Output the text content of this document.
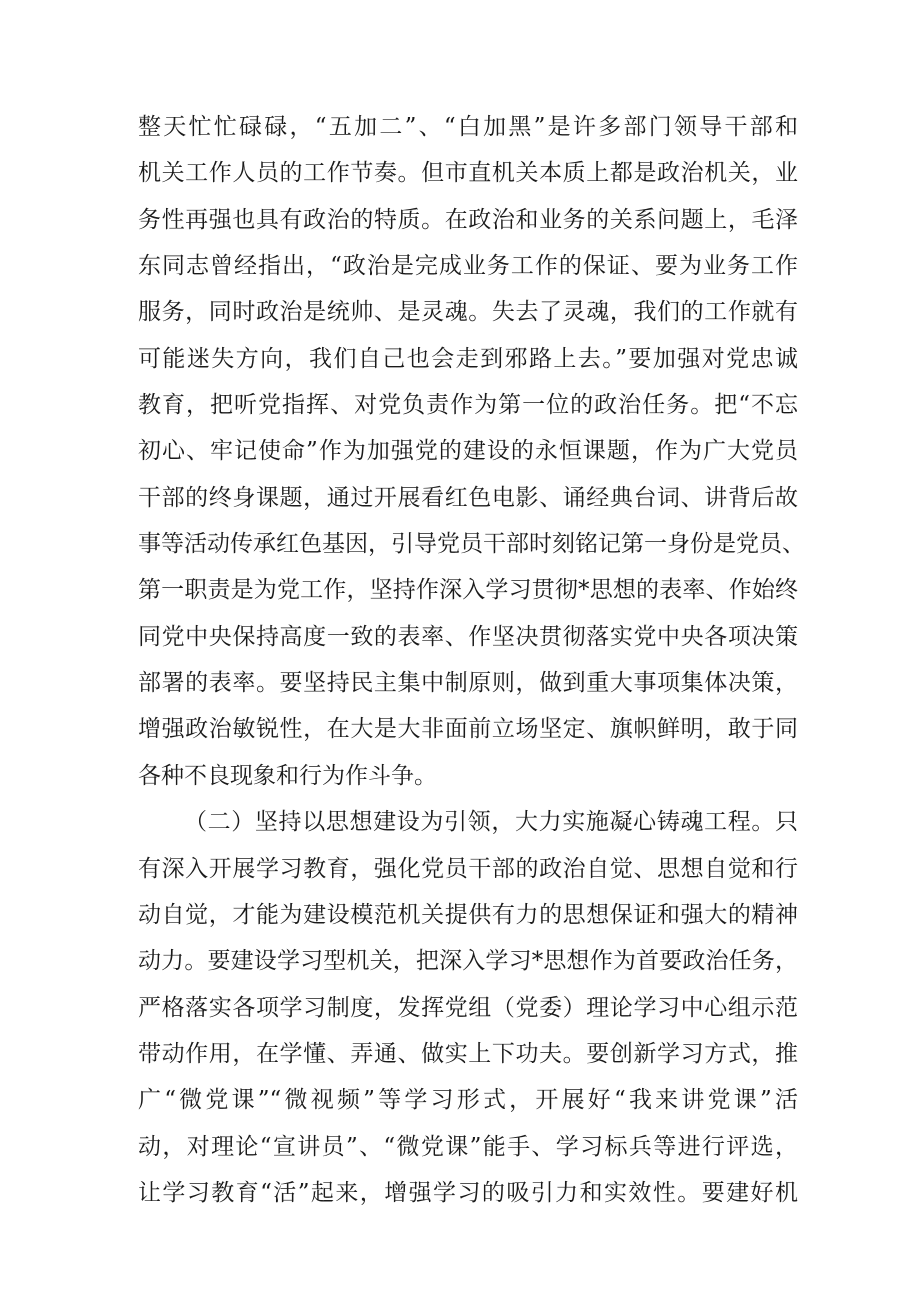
整天忙忙碌碌，“五加二”、“白加黑”是许多部门领导干部和
机关工作人员的工作节奏。但市直机关本质上都是政治机关，业
务性再强也具有政治的特质。在政治和业务的关系问题上，毛泽
东同志曾经指出，“政治是完成业务工作的保证、要为业务工作
服务，同时政治是统帅、是灵魂。失去了灵魂，我们的工作就有
可能迷失方向，我们自己也会走到邪路上去。”要加强对党忠诚
教育，把听党指挥、对党负责作为第一位的政治任务。把“不忘
初心、牢记使命”作为加强党的建设的永恒课题，作为广大党员
干部的终身课题，通过开展看红色电影、诵经典台词、讲背后故
事等活动传承红色基因，引导党员干部时刻铭记第一身份是党员、
第一职责是为党工作，坚持作深入学习贯彻*思想的表率、作始终
同党中央保持高度一致的表率、作坚决贯彻落实党中央各项决策
部署的表率。要坚持民主集中制原则，做到重大事项集体决策，
增强政治敏锐性，在大是大非面前立场坚定、旗帜鲜明，敢于同
各种不良现象和行为作斗争。
（二）坚持以思想建设为引领，大力实施凝心铸魂工程。只
有深入开展学习教育，强化党员干部的政治自觉、思想自觉和行
动自觉，才能为建设模范机关提供有力的思想保证和强大的精神
动力。要建设学习型机关，把深入学习*思想作为首要政治任务，
严格落实各项学习制度，发挥党组（党委）理论学习中心组示范
带动作用，在学懂、弄通、做实上下功夫。要创新学习方式，推
广“微党课”“微视频”等学习形式，开展好“我来讲党课”活
动，对理论“宣讲员”、“微党课”能手、学习标兵等进行评选，
让学习教育“活”起来，增强学习的吸引力和实效性。要建好机
